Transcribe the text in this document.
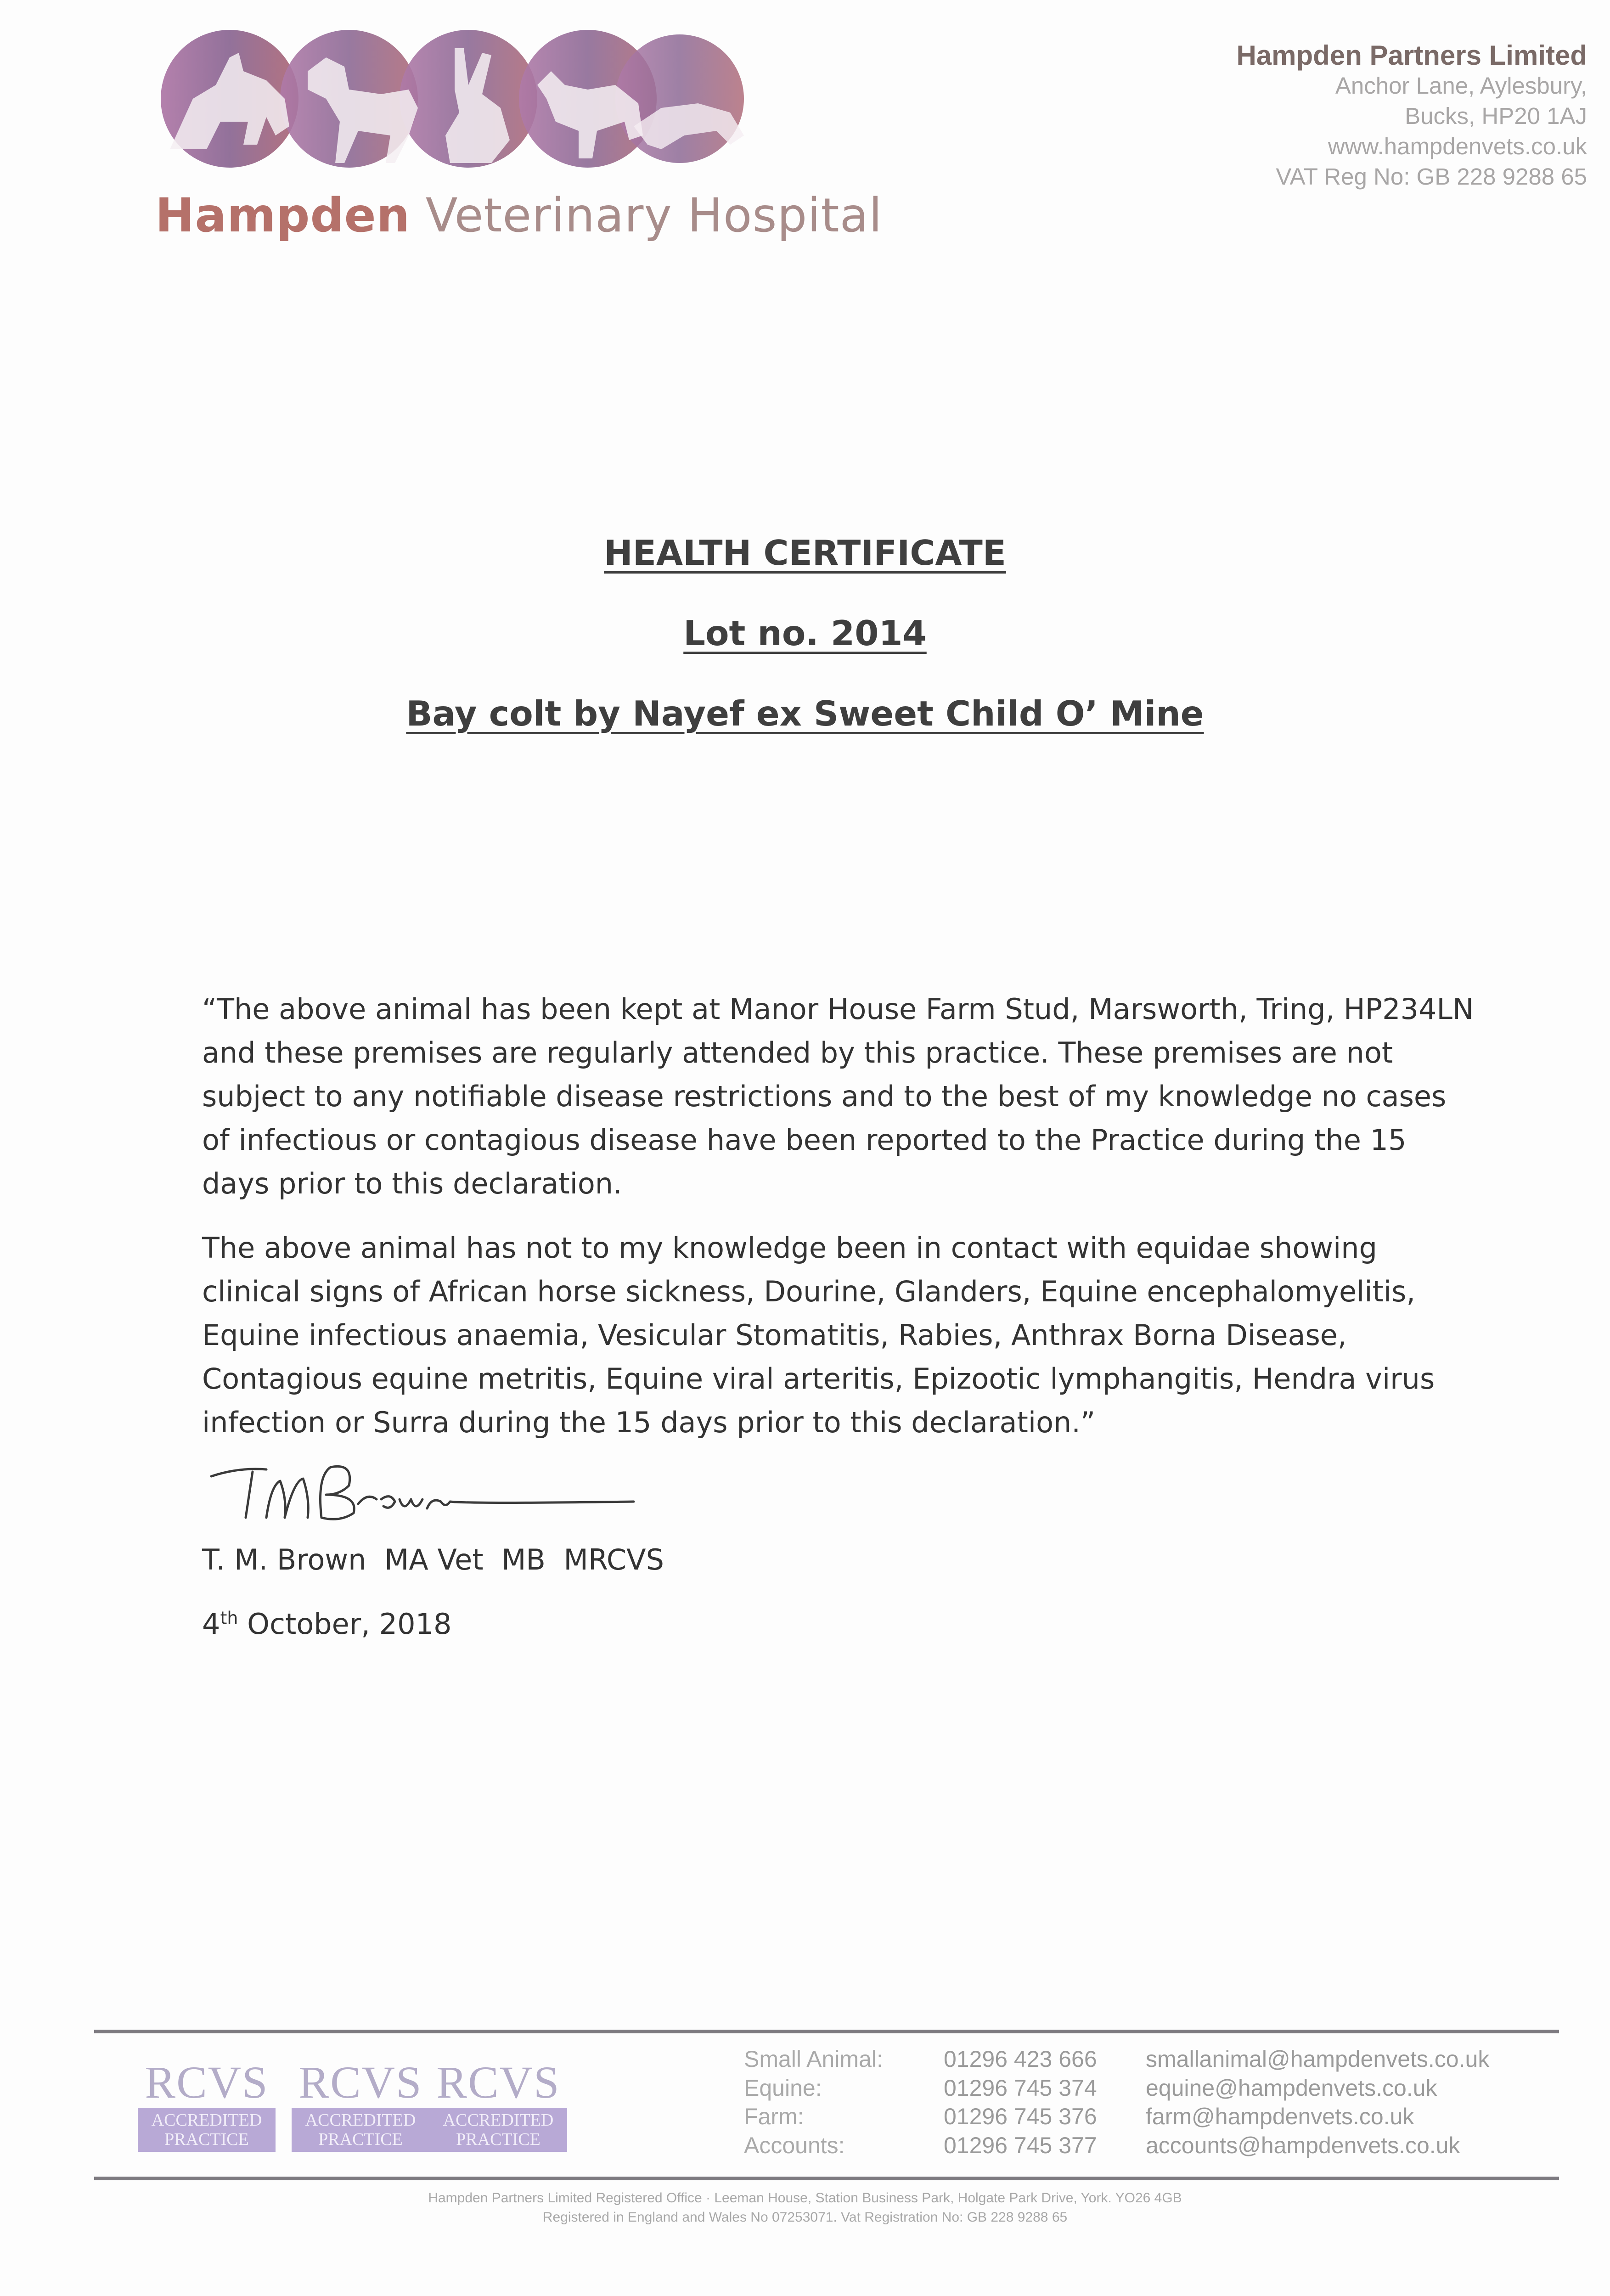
Hampden Veterinary Hospital
Hampden Partners Limited
Anchor Lane, Aylesbury,
Bucks, HP20 1AJ
www.hampdenvets.co.uk
VAT Reg No: GB 228 9288 65
HEALTH CERTIFICATE
Lot no. 2014
Bay colt by Nayef ex Sweet Child O’ Mine

“The above animal has been kept at Manor House Farm Stud, Marsworth, Tring, HP234LN and these premises are regularly attended by this practice. These premises are not subject to any notifiable disease restrictions and to the best of my knowledge no cases of infectious or contagious disease have been reported to the Practice during the 15 days prior to this declaration.

The above animal has not to my knowledge been in contact with equidae showing clinical signs of African horse sickness, Dourine, Glanders, Equine encephalomyelitis, Equine infectious anaemia, Vesicular Stomatitis, Rabies, Anthrax Borna Disease, Contagious equine metritis, Equine viral arteritis, Epizootic lymphangitis, Hendra virus infection or Surra during the 15 days prior to this declaration.”

T. M. Brown  MA Vet  MB  MRCVS
4th October, 2018
RCVS
ACCREDITED
PRACTICE
RCVS
ACCREDITED
PRACTICE
RCVS
ACCREDITED
PRACTICE
Small Animal:	01296 423 666 smallanimal@hampdenvets.co.uk
Equine:	01296 745 374 equine@hampdenvets.co.uk
Farm:	01296 745 376 farm@hampdenvets.co.uk
Accounts:	01296 745 377 accounts@hampdenvets.co.uk
Hampden Partners Limited Registered Office · Leeman House, Station Business Park, Holgate Park Drive, York. YO26 4GB
Registered in England and Wales No 07253071. Vat Registration No: GB 228 9288 65
